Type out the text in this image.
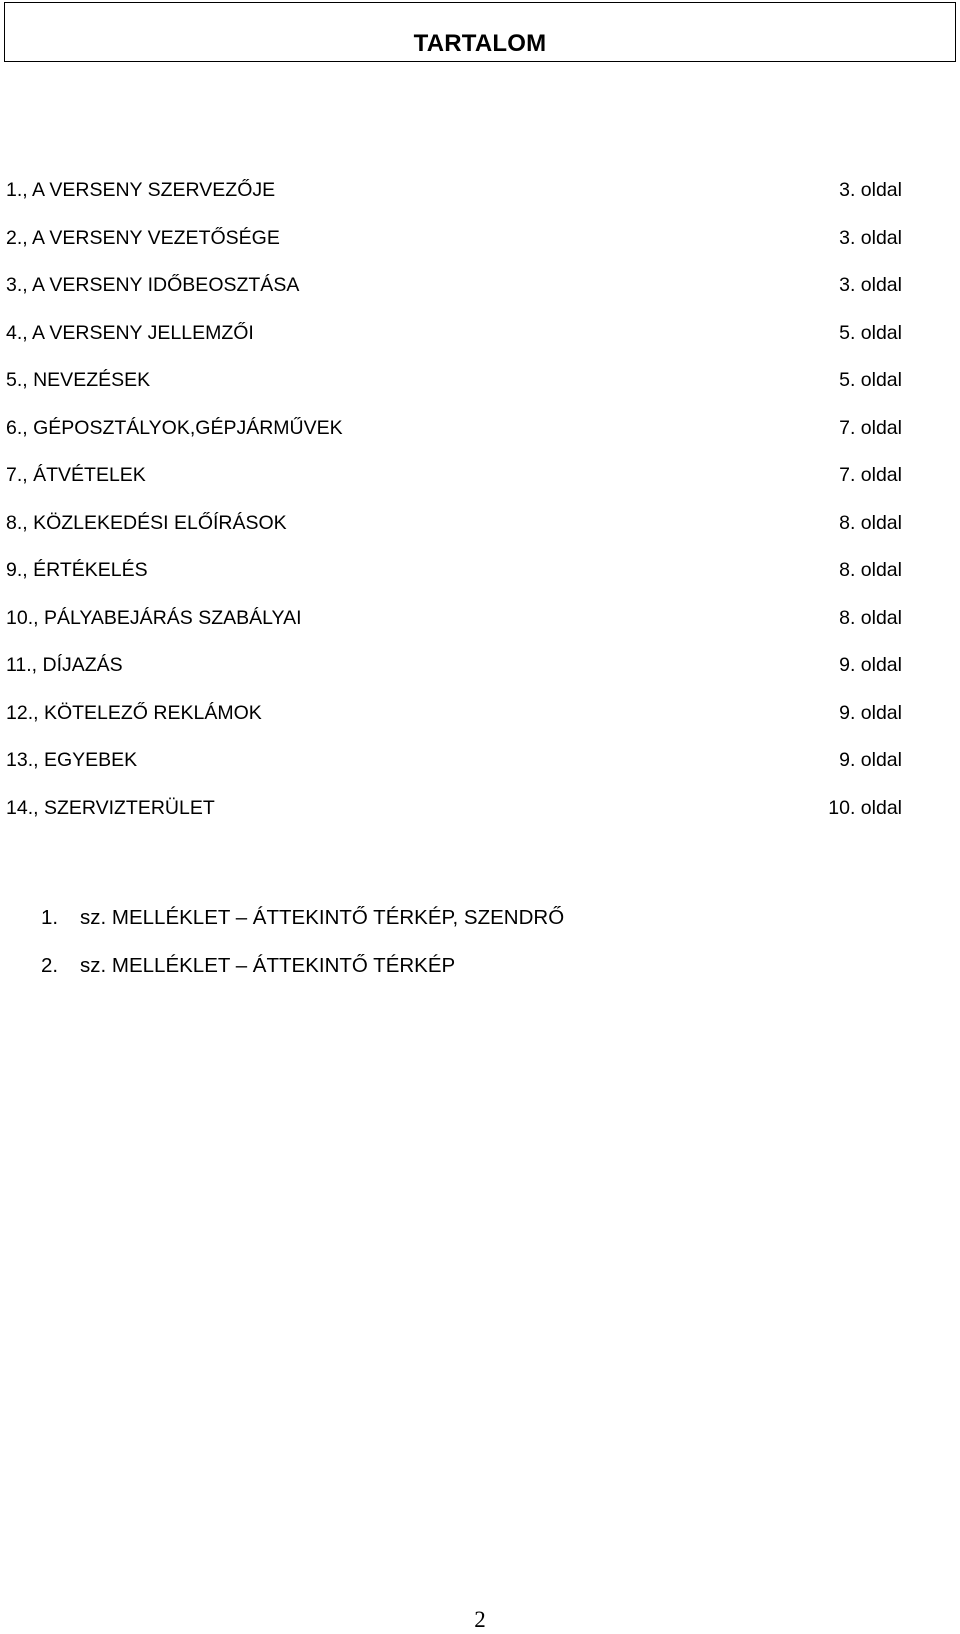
TARTALOM
1., A VERSENY SZERVEZŐJE	3. oldal
2., A VERSENY VEZETŐSÉGE	3. oldal
3., A VERSENY IDŐBEOSZTÁSA	3. oldal
4., A VERSENY JELLEMZŐI	5. oldal
5., NEVEZÉSEK	5. oldal
6., GÉPOSZTÁLYOK,GÉPJÁRMŰVEK	7. oldal
7., ÁTVÉTELEK	7. oldal
8., KÖZLEKEDÉSI ELŐÍRÁSOK	8. oldal
9., ÉRTÉKELÉS	8. oldal
10., PÁLYABEJÁRÁS SZABÁLYAI	8. oldal
11., DÍJAZÁS	9. oldal
12., KÖTELEZŐ REKLÁMOK	9. oldal
13., EGYEBEK	9. oldal
14., SZERVIZTERÜLET	10. oldal
1. sz. MELLÉKLET – ÁTTEKINTŐ TÉRKÉP, SZENDRŐ
2. sz. MELLÉKLET – ÁTTEKINTŐ TÉRKÉP
2
